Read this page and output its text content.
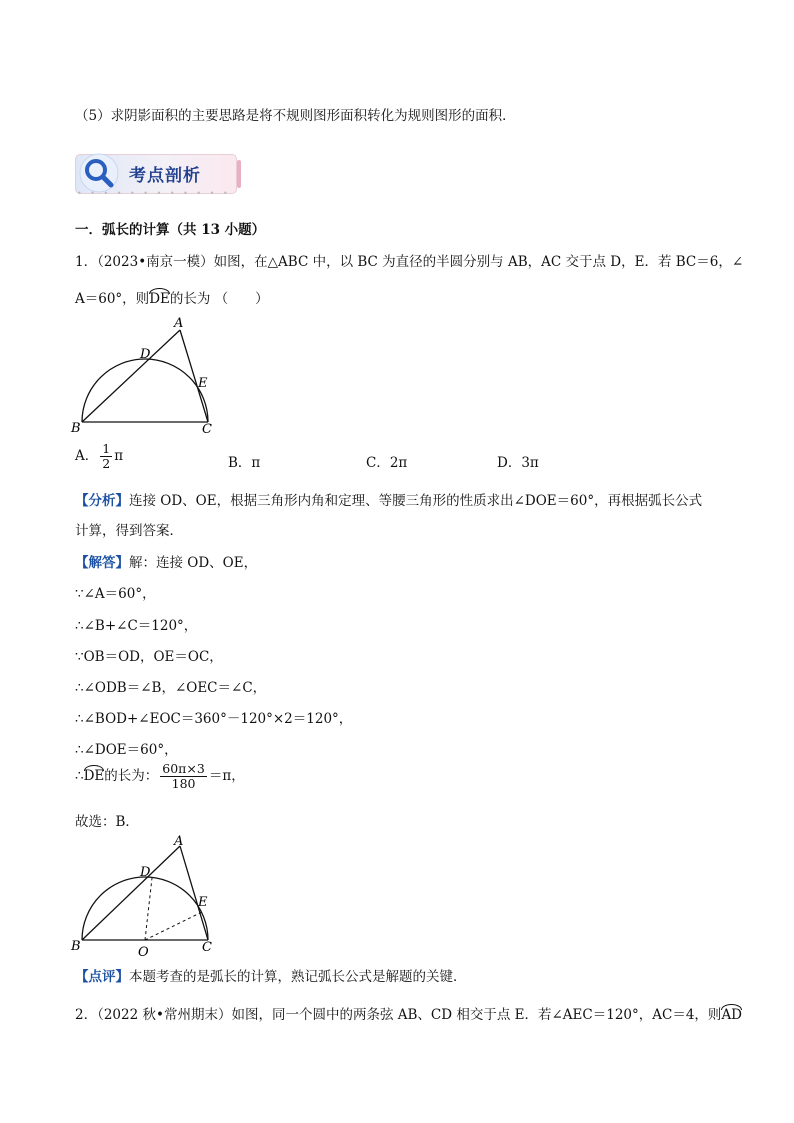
（5）求阴影面积的主要思路是将不规则图形面积转化为规则图形的面积．
考点剖析
• • • • • • • • • • • •
一．弧长的计算（共 13 小题）
1．（2023•南京一模）如图，在△ABC 中，以 BC 为直径的半圆分别与 AB，AC 交于点 D，E．若 BC＝6，∠
A＝60°，则DE的长为 （　　）
A
D
E
B	C
A． $\frac{1}{2}$ π	B．π	C．2π	D．3π
【分析】连接 OD、OE，根据三角形内角和定理、等腰三角形的性质求出∠DOE＝60°，再根据弧长公式
计算，得到答案．
【解答】解：连接 OD、OE，
∵∠A＝60°，
∴∠B+∠C＝120°，
∵OB＝OD，OE＝OC，
∴∠ODB＝∠B，∠OEC＝∠C，
∴∠BOD+∠EOC＝360°－120°×2＝120°，
∴∠DOE＝60°，
∴DE的长为： $\frac{60\pi\times 3}{180} =\pi$，
故选：B．
A
D
E
B	O	C
【点评】本题考查的是弧长的计算，熟记弧长公式是解题的关键．
2．（2022 秋•常州期末）如图，同一个圆中的两条弦 AB、CD 相交于点 E．若∠AEC＝120°，AC＝4，则AD
